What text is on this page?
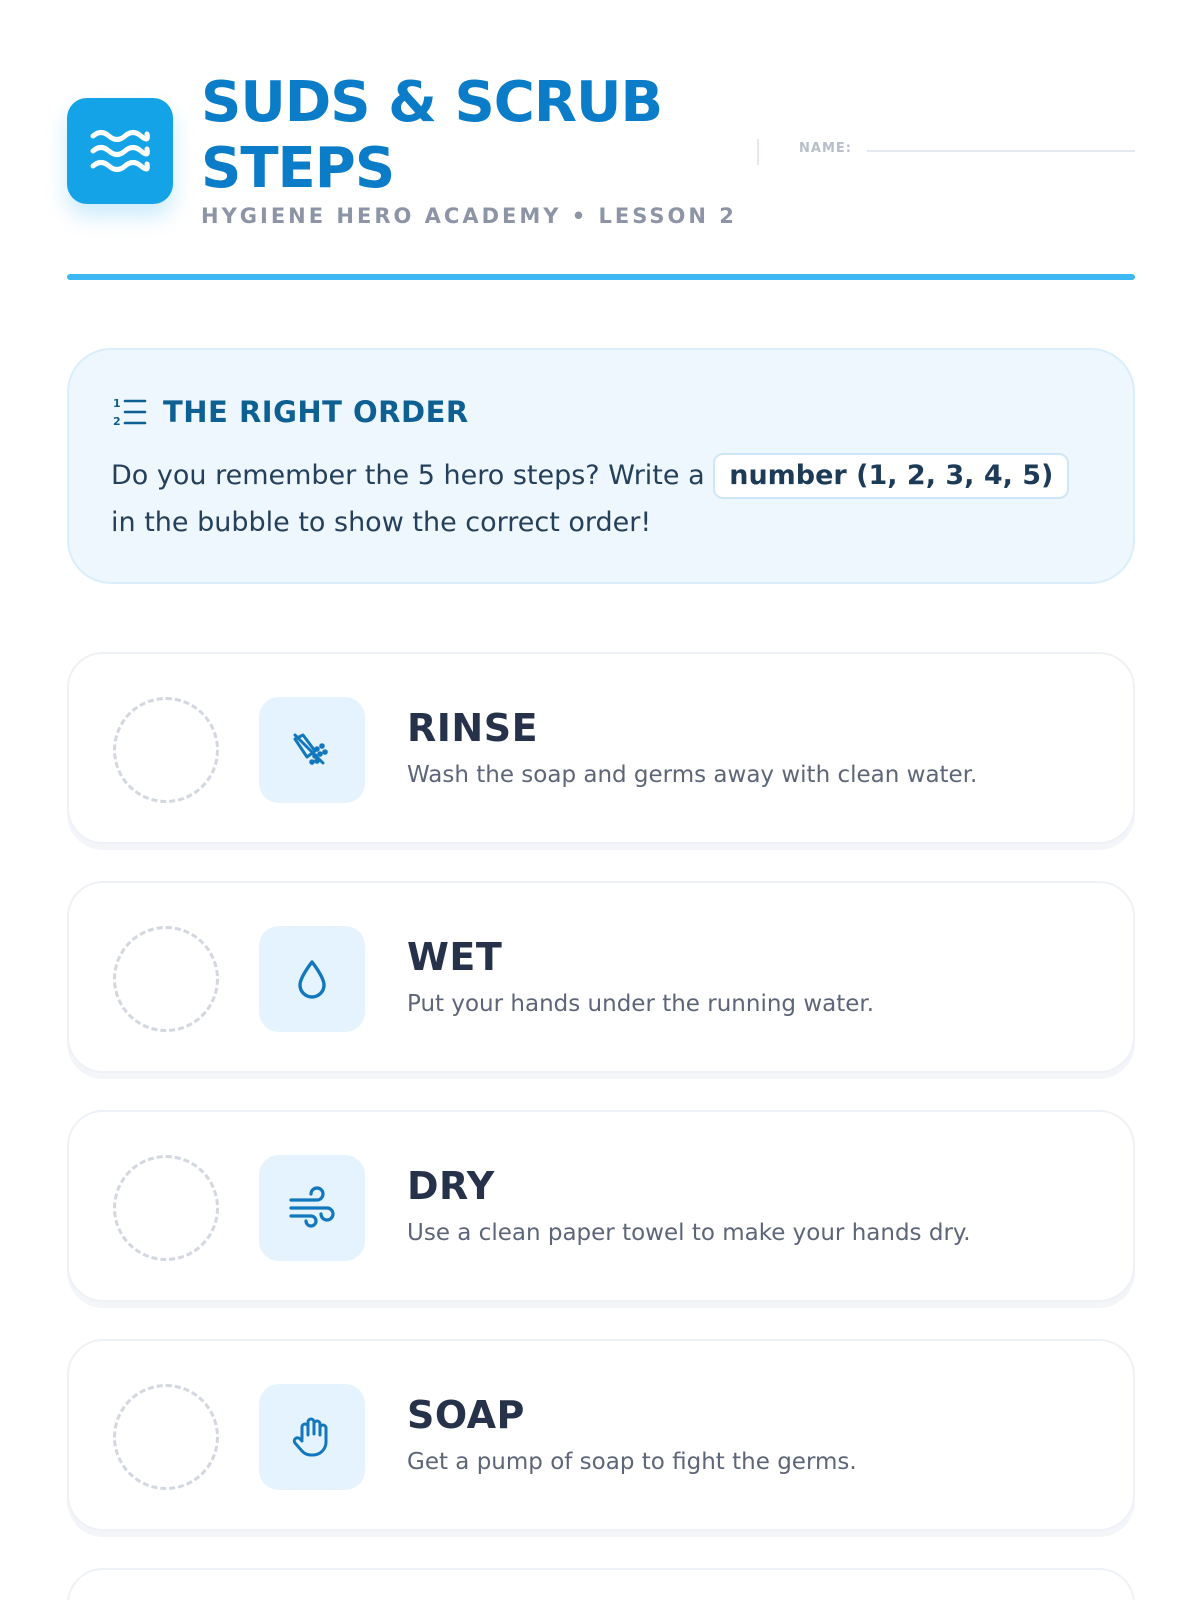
SUDS & SCRUB STEPS
HYGIENE HERO ACADEMY • LESSON 2
NAME:
1
2 THE RIGHT ORDER
Do you remember the 5 hero steps? Write a number (1, 2, 3, 4, 5) in the bubble to show the correct order!
RINSE
Wash the soap and germs away with clean water.
WET
Put your hands under the running water.
DRY
Use a clean paper towel to make your hands dry.
SOAP
Get a pump of soap to fight the germs.
